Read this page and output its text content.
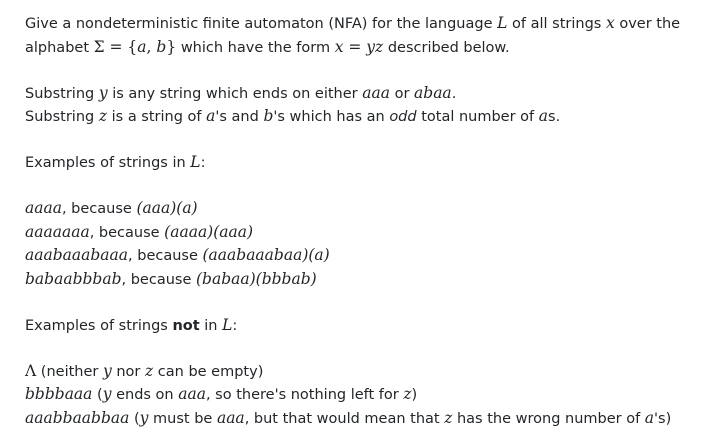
Give a nondeterministic finite automaton (NFA) for the language L of all strings x over the alphabet Σ = {a, b} which have the form x = yz described below.

Substring y is any string which ends on either aaa or abaa.

Substring z is a string of a's and b's which has an odd total number of as.

Examples of strings in L:

aaaa, because (aaa)(a)

aaaaaaa, because (aaaa)(aaa)

aaabaaabaaa, because (aaabaaabaa)(a)

babaabbbab, because (babaa)(bbbab)

Examples of strings not in L:

Λ (neither y nor z can be empty)

bbbbaaa (y ends on aaa, so there's nothing left for z)

aaabbaabbaa (y must be aaa, but that would mean that z has the wrong number of a's)
